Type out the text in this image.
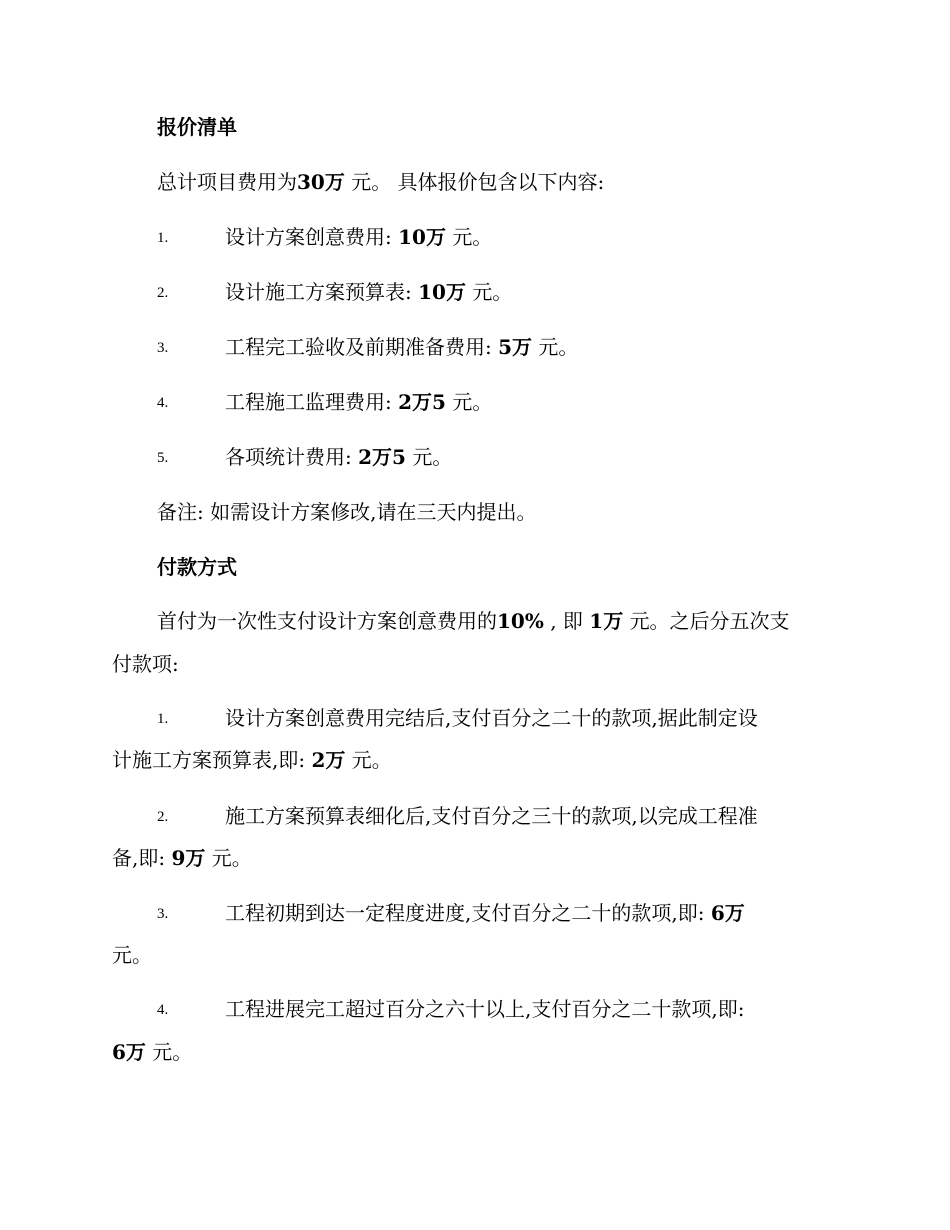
报价清单
总计项目费用为30万 元。 具体报价包含以下内容:
1.	设计方案创意费用: 10万 元。
2.	设计施工方案预算表: 10万 元。
3.	工程完工验收及前期准备费用: 5万 元。
4.	工程施工监理费用: 2万5 元。
5.	各项统计费用: 2万5 元。
备注: 如需设计方案修改,请在三天内提出。
付款方式
首付为一次性支付设计方案创意费用的10% , 即 1万 元。之后分五次支
付款项:
1.	设计方案创意费用完结后,支付百分之二十的款项,据此制定设
计施工方案预算表,即: 2万 元。
2.	施工方案预算表细化后,支付百分之三十的款项,以完成工程准
备,即: 9万 元。
3.	工程初期到达一定程度进度,支付百分之二十的款项,即: 6万
元。
4.	工程进展完工超过百分之六十以上,支付百分之二十款项,即:
6万 元。
